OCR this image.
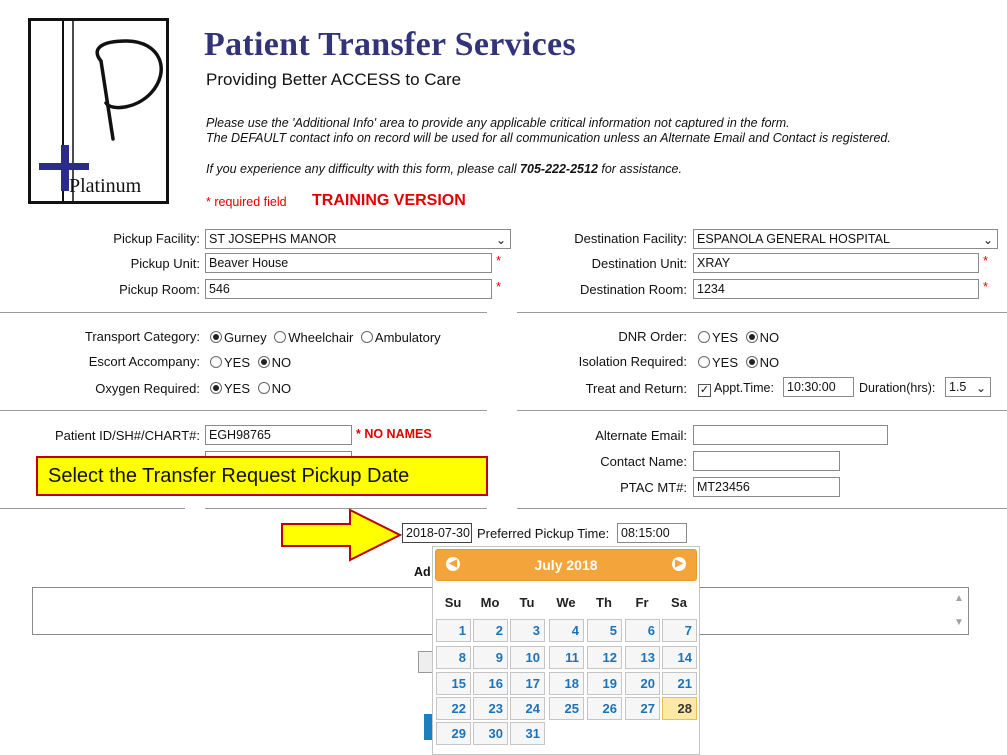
Platinum
Patient Transfer Services
Providing Better ACCESS to Care
Please use the 'Additional Info' area to provide any applicable critical information not captured in the form.
The DEFAULT contact info on record will be used for all communication unless an Alternate Email and Contact is registered.
If you experience any difficulty with this form, please call 705-222-2512 for assistance.
* required field TRAINING VERSION
Pickup Facility: ST JOSEPHS MANOR	⌄
Pickup Unit: Beaver House	*
Pickup Room: 546	*
Destination Facility: ESPANOLA GENERAL HOSPITAL	⌄
Destination Unit: XRAY	*
Destination Room: 1234	*
Transport Category:	Gurney Wheelchair Ambulatory
Escort Accompany:	YES NO
Oxygen Required:	YES NO
DNR Order:	YES NO
Isolation Required:	YES NO
Treat and Return: ✓ Appt.Time:	10:30:00	Duration(hrs):	1.5 ⌄
Patient ID/SH#/CHART#: EGH98765	* NO NAMES	Alternate Email:
Contact Name:
PTAC MT#: MT23456
Select the Transfer Request Pickup Date
2018-07-30 Preferred Pickup Time: 08:15:00
Ad
▲
▼
◀	July 2018	▶
Su	Mo	Tu	We	Th	Fr	Sa
1	2	3	4	5	6	7
8	9	10	11	12	13	14
15	16	17	18	19	20	21
22	23	24	25	26	27	28
29	30	31
